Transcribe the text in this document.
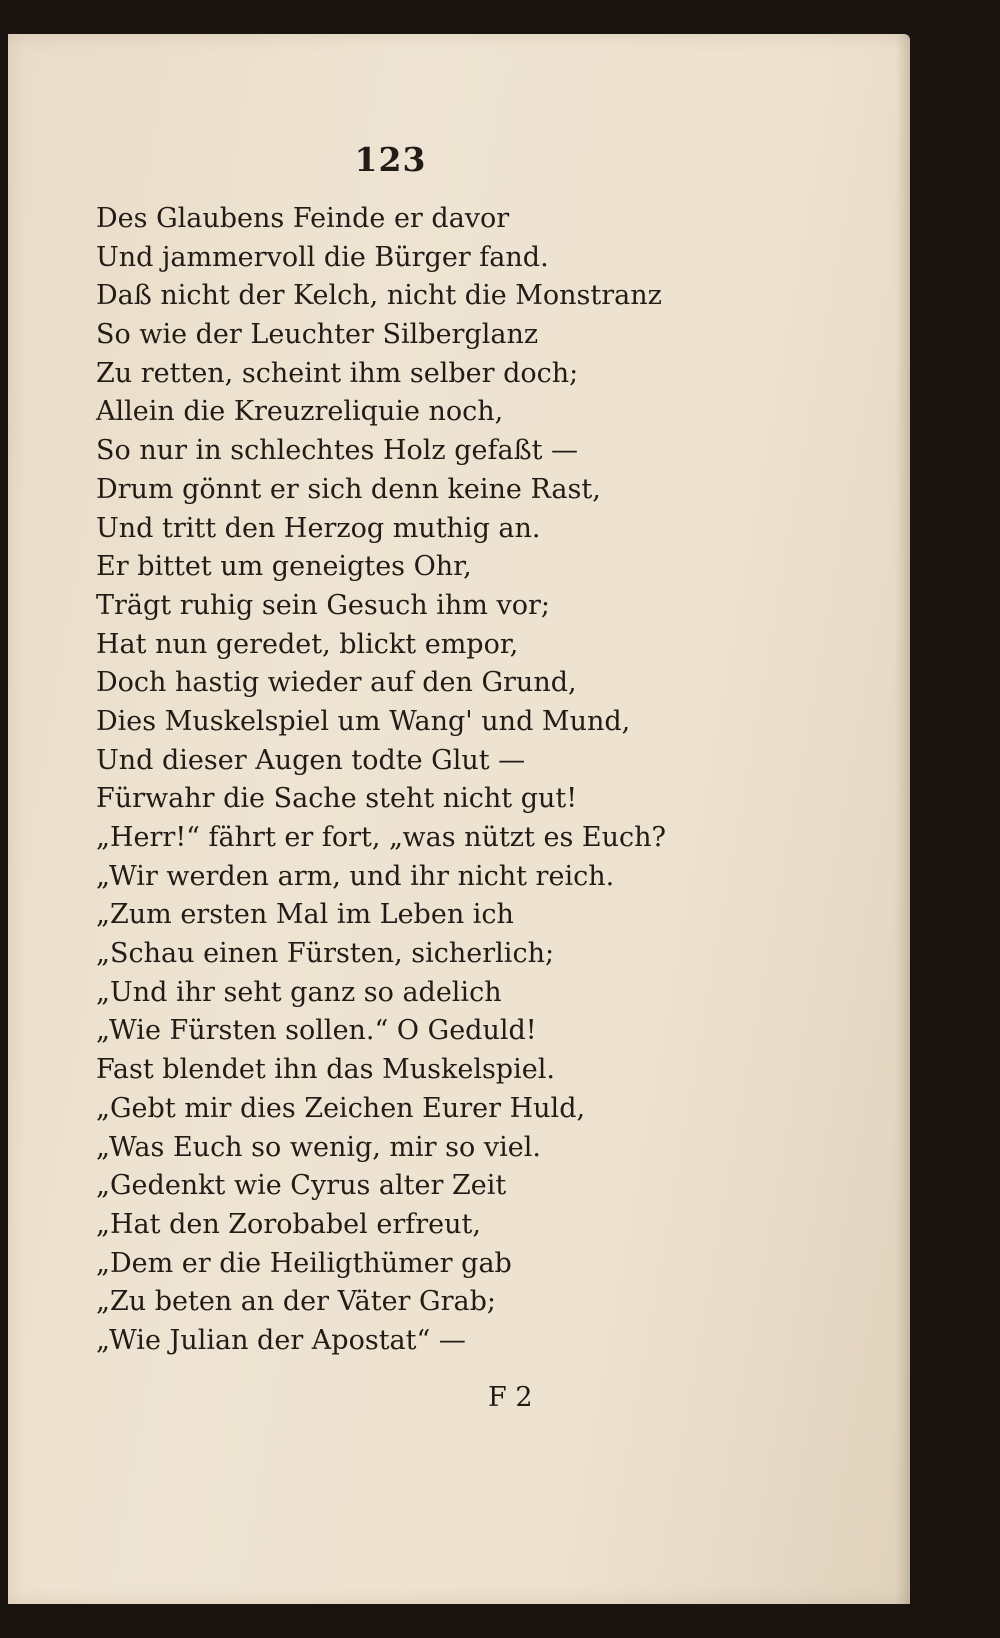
123
Des Glaubens Feinde er davor
Und jammervoll die Bürger fand.
Daß nicht der Kelch, nicht die Monstranz
So wie der Leuchter Silberglanz
Zu retten, scheint ihm selber doch;
Allein die Kreuzreliquie noch,
So nur in schlechtes Holz gefaßt —
Drum gönnt er sich denn keine Rast,
Und tritt den Herzog muthig an.
Er bittet um geneigtes Ohr,
Trägt ruhig sein Gesuch ihm vor;
Hat nun geredet, blickt empor,
Doch hastig wieder auf den Grund,
Dies Muskelspiel um Wang' und Mund,
Und dieser Augen todte Glut —
Fürwahr die Sache steht nicht gut!
„Herr!“ fährt er fort, „was nützt es Euch?
„Wir werden arm, und ihr nicht reich.
„Zum ersten Mal im Leben ich
„Schau einen Fürsten, sicherlich;
„Und ihr seht ganz so adelich
„Wie Fürsten sollen.“ O Geduld!
Fast blendet ihn das Muskelspiel.
„Gebt mir dies Zeichen Eurer Huld,
„Was Euch so wenig, mir so viel.
„Gedenkt wie Cyrus alter Zeit
„Hat den Zorobabel erfreut,
„Dem er die Heiligthümer gab
„Zu beten an der Väter Grab;
„Wie Julian der Apostat“ —
F 2
